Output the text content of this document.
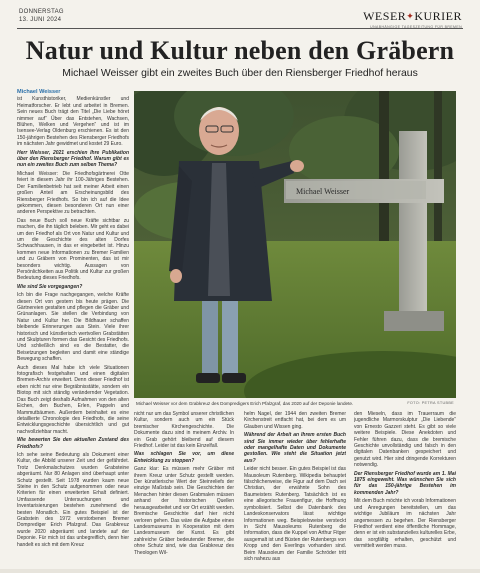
DONNERSTAG
13. JUNI 2024	WESER✦KURIER
UNABHÄNGIGE TAGESZEITUNG FÜR BREMEN
Natur und Kultur neben den Gräbern
Michael Weisser gibt ein zweites Buch über den Riensberger Friedhof heraus
Michael Weisser

ist Kunsthistoriker, Medienkünstler und Heimatforscher. Er lebt und arbeitet in Bremen. Sein neues Buch trägt den Titel „Die Liebe höret nimmer auf“ Über das Entstehen, Wachsen, Blühen, Welken und Vergehen“ und ist im Isensee-Verlag Oldenburg erschienen. Es ist den 150-jährigen Bestehen des Riensberger Friedhofs im nächsten Jahr gewidmet und kostet 29 Euro.

Herr Weisser, 2021 erschien Ihre Publikation über den Riensberger Friedhof. Warum gibt es nun ein zweites Buch zum selben Thema?

Michael Weisser: Die Friedhofsgärtnerei Otte feiert in diesem Jahr ihr 100-Jähriges Bestehen. Der Familienbetrieb hat seit meiner Arbeit einen großen Anteil am Erscheinungsbild des Riensberger Friedhofs. So bin ich auf die Idee gekommen, diesen besonderen Ort nun einer anderen Perspektive zu betrachten.

Das neue Buch soll neue Kräfte sichtbar zu machen, die ihn täglich beleben. Mir geht es dabei um den Friedhof als Ort von Natur und Kultur und um die Geschichte des alten Dorfes Schwachhausen, in das er eingebettet ist. Hinzu kommen neue Informationen zu Bremer Familien und zu Gräbern von Prominenten, das ist mir besonders wichtig. Aussagen von Persönlichkeiten aus Politik und Kultur zur großen Bedeutung dieses Friedhofs.

Wie sind Sie vorgegangen?

Ich bin die Frage nachgegangen, welche Kräfte diesen Ort von gestern bis heute prägen. Die Gärtnereien gestalten und pflegen die Gräber und Grünanlagen. Sie stellen die Verbindung von Natur und Kultur her. Die Bildhauer schaffen bleibende Erinnerungen aus Stein. Viele ihrer historisch und künstlerisch wertvollen Grabstätten und Skulpturen formen das Gesicht des Friedhofs. Und schließlich sind es die Bestatter, die Beisetzungen begleiten und damit eine ständige Bewegung schaffen.

Auch dieses Mal habe ich viele Situationen fotografisch festgehalten und einen digitalen Bremen-Archiv erweitert. Denn dieser Friedhof ist eben nicht nur eine Begräbnisstätte, sondern ein Biotop mit sich ständig verändernder Vegetation. Das Buch zeigt deshalb Aufnahmen von den alten Eichen, den Buchen, Erlen, Pappeln und Mammutbäumen. Außerdem beinhaltet es eine detaillierte Chronologie des Friedhofs, die seine Entwicklungsgeschichte übersichtlich und gut nachvollziehbar macht.

Wie bewerten Sie den aktuellen Zustand des Friedhofs?

Ich sehe seine Bedeutung als Dokument einer Kultur, die Abbild unserer Zeit und der gefährdet. Trotz Denkmalschutzes wurden Grabsteine abgeräumt. Nur 80 Anlagen sind überhaupt unter Schutz gestellt. Seit 1978 wurden kaum neue Steine in den Schutz aufgenommen oder neue Kriterien für einen erweiterten Erhalt definiert. Umfassende Untersuchungen und Inventarisierungen bestehen zunehmend die besten Monatlich. Ein gutes Beispiel ist der Grabstein des 1972 verstorbenen Bremer Domprediger Erich Pfalzgraf. Das Grabkreuz wurde 2020 abgeräumt und landete auf der Deponie. Für mich ist das unbegreiflich, denn hier handelt es sich mit dem Kreuz

Michael Weisser
Michael Weisser vor dem Grabkreuz des Dompredigers Erich Pfalzgraf, das 2020 auf der Deponie landete.	FOTO: PETRA STUBBE

nicht nur um das Symbol unserer christlichen Kultur, sondern auch um ein Stück bremischer Kirchengeschichte. Die Dokumente dazu sind in meinem Archiv. In ein Grab gehört bleibend auf diesem Friedhof. Leider ist das kein Einzelfall.

Was schlagen Sie vor, um diese Entwicklung zu stoppen?

Ganz klar: Es müssen mehr Gräber mit ihrem Kreuz unter Schutz gestellt werden. Der künstlerische Wert der Steinreliefs der einzige Maßstab sein. Die Geschichten der Menschen hinter diesen Grabmalen müssen anhand der historischen Quellen herausgearbeitet und vor Ort erzählt werden. Bremische Geschichte darf hier nicht verloren gehen. Das wäre die Aufgabe eines Landesmuseums in Kooperation mit dem Landesmuseum der Kunst. Es gibt zahlreiche Gräber bedeutender Bremer, die ohne Schutz sind, wie das Grabkreuz des Theologen Wil-

helm Nagel, der 1944 den zweiten Bremer Kirchenstreit entfacht hat, bei dem es um Glauben und Wissen ging.

Während der Arbeit an Ihrem ersten Buch sind Sie immer wieder über fehlerhafte oder mangelhafte Daten und Dokumente gestoßen. Wie steht die Situation jetzt aus?

Leider nicht besser. Ein gutes Beispiel ist das Mausoleum Rutenberg. Wikipedia behauptet fälschlicherweise, die Figur auf dem Dach sei Christian, der erwähnte Sohn des Baumeisters Rutenberg. Tatsächlich ist es eine allegorische Frauenfigur, die Hoffnung symbolisiert. Selbst die Datenbank des Landeskonservators lässt wichtige Informationen weg. Beispielsweise versteckt in Sicht Mausoleums Rutenberg die Information, dass die Kuppel von Arthur Fitger ausgemalt ist und Büsten der Rutenbergs von Kropp und den Everlings vorhanden sind. Beim Mausoleum der Familie Schröder tritt sich nahezu aus

den Mieseln, dass im Trauerraum die jugendliche Marmorskulptur „Die Liebende“ von Ernesto Gazzeri steht. Es gibt so viele weitere Beispiele. Diese Anekdoten und Fehler führen dazu, dass die bremische Geschichte unvollständig und falsch in den digitalen Datenbanken gespeichert und genutzt wird. Hier sind dringende Korrekturen notwendig.

Der Riensberger Friedhof wurde am 1. Mai 1875 eingeweiht. Was wünschen Sie sich für das 150-jährige Bestehen im kommenden Jahr?

Mit dem Buch möchte ich vorab Informationen und Anregungen bereitstellen, um das wichtige Jubiläum im nächsten Jahr angemessen zu begehen. Der Riensberger Friedhof verdient eine öffentliche Hommage, denn er ist ein substanzielles kulturelles Erbe, das sorgfältig erhalten, geschützt und vermittelt werden muss.
